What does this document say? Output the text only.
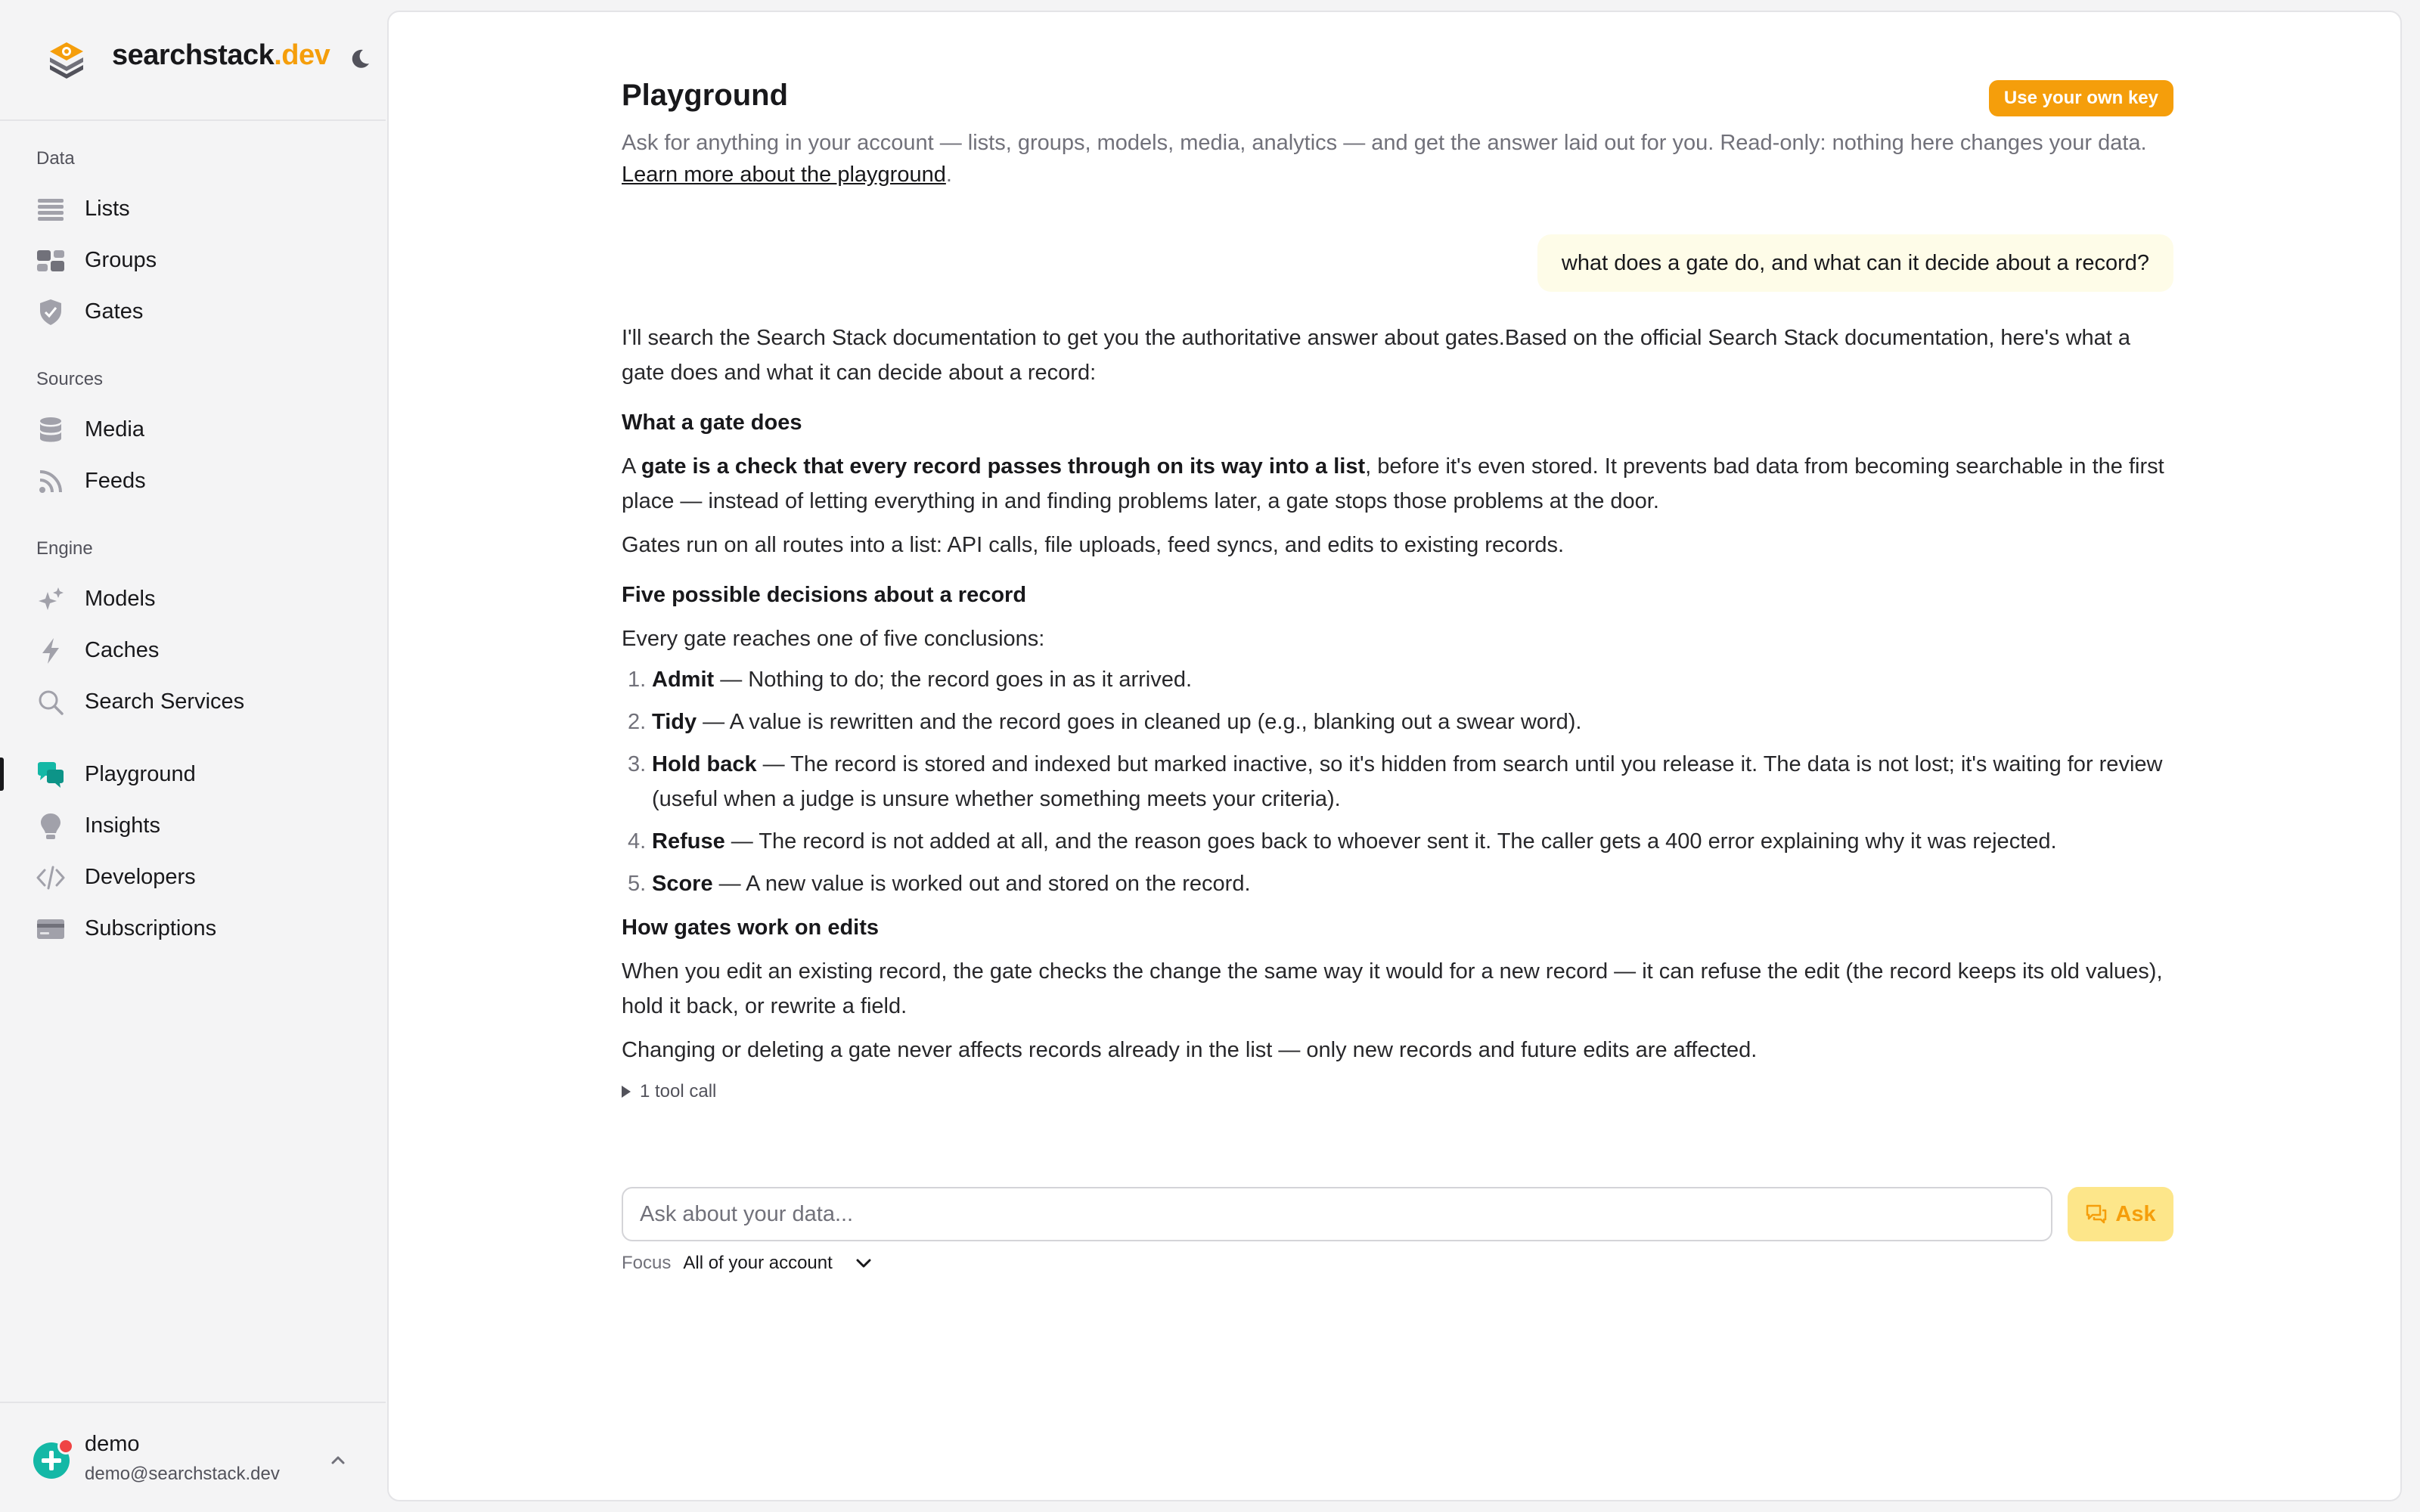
searchstack.dev
Data
Lists
Groups
Gates
Sources
Media
Feeds
Engine
Models
Caches
Search Services
Playground
Insights
Developers
Subscriptions
demo
demo@searchstack.dev
Playground	Use your own key

Ask for anything in your account — lists, groups, models, media, analytics — and get the answer laid out for you. Read-only: nothing here changes your data. Learn more about the playground.

what does a gate do, and what can it decide about a record?

I'll search the Search Stack documentation to get you the authoritative answer about gates.Based on the official Search Stack documentation, here's what a gate does and what it can decide about a record:

What a gate does

A gate is a check that every record passes through on its way into a list, before it's even stored. It prevents bad data from becoming searchable in the first place — instead of letting everything in and finding problems later, a gate stops those problems at the door.

Gates run on all routes into a list: API calls, file uploads, feed syncs, and edits to existing records.

Five possible decisions about a record

Every gate reaches one of five conclusions:

1. Admit — Nothing to do; the record goes in as it arrived.
2. Tidy — A value is rewritten and the record goes in cleaned up (e.g., blanking out a swear word).
3. Hold back — The record is stored and indexed but marked inactive, so it's hidden from search until you release it. The data is not lost; it's waiting for review (useful when a judge is unsure whether something meets your criteria).
4. Refuse — The record is not added at all, and the reason goes back to whoever sent it. The caller gets a 400 error explaining why it was rejected.
5. Score — A new value is worked out and stored on the record.
How gates work on edits

When you edit an existing record, the gate checks the change the same way it would for a new record — it can refuse the edit (the record keeps its old values), hold it back, or rewrite a field.

Changing or deleting a gate never affects records already in the list — only new records and future edits are affected.

1 tool call
Ask about your data...
Ask
Focus All of your account
